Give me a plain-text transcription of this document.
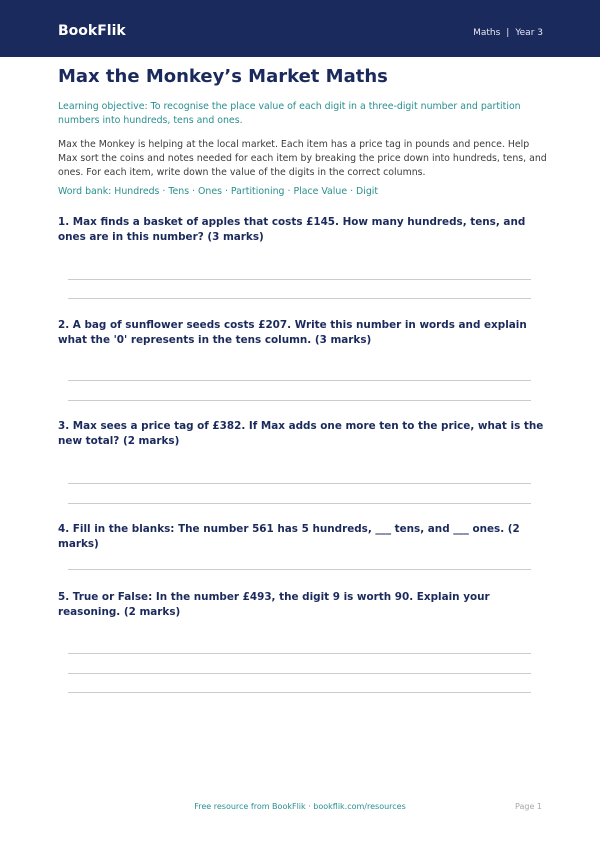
BookFlik	Maths | Year 3
Max the Monkey’s Market Maths
Learning objective: To recognise the place value of each digit in a three-digit number and partition numbers into hundreds, tens and ones.
Max the Monkey is helping at the local market. Each item has a price tag in pounds and pence. Help Max sort the coins and notes needed for each item by breaking the price down into hundreds, tens, and ones. For each item, write down the value of the digits in the correct columns.
Word bank: Hundreds · Tens · Ones · Partitioning · Place Value · Digit
1. Max finds a basket of apples that costs £145. How many hundreds, tens, and ones are in this number? (3 marks)
2. A bag of sunflower seeds costs £207. Write this number in words and explain what the '0' represents in the tens column. (3 marks)
3. Max sees a price tag of £382. If Max adds one more ten to the price, what is the new total? (2 marks)
4. Fill in the blanks: The number 561 has 5 hundreds, ___ tens, and ___ ones. (2 marks)
5. True or False: In the number £493, the digit 9 is worth 90. Explain your reasoning. (2 marks)
Free resource from BookFlik · bookflik.com/resources	Page 1
